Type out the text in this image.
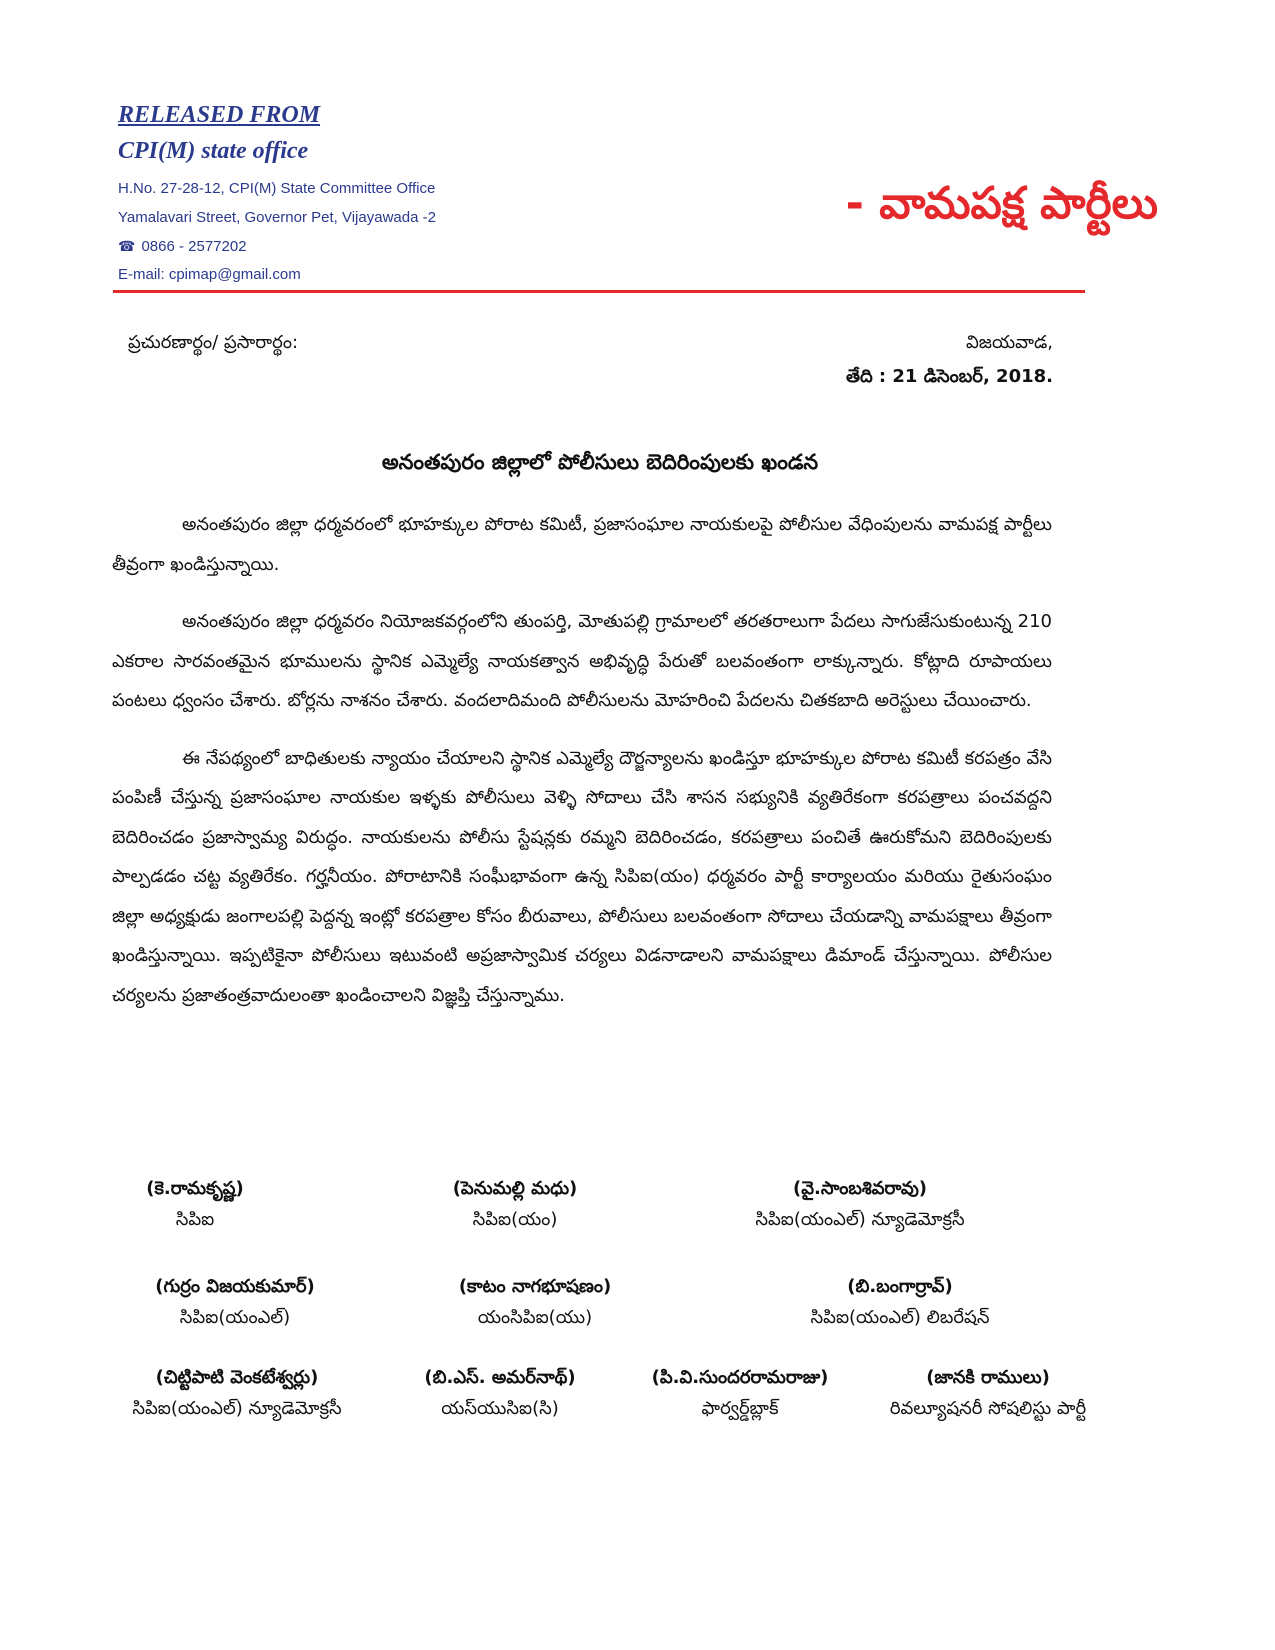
RELEASED FROM
CPI(M) state office
H.No. 27-28-12, CPI(M) State Committee Office
Yamalavari Street, Governor Pet, Vijayawada -2
☎ 0866 - 2577202
E-mail: cpimap@gmail.com
- వామపక్ష పార్టీలు
ప్రచురణార్థం/ ప్రసారార్థం:	విజయవాడ,
తేది : 21 డిసెంబర్, 2018.
అనంతపురం జిల్లాలో పోలీసులు బెదిరింపులకు ఖండన

అనంతపురం జిల్లా ధర్మవరంలో భూహక్కుల పోరాట కమిటీ, ప్రజాసంఘాల నాయకులపై పోలీసుల వేధింపులను వామపక్ష పార్టీలు తీవ్రంగా ఖండిస్తున్నాయి.

అనంతపురం జిల్లా ధర్మవరం నియోజకవర్గంలోని తుంపర్తి, మోతుపల్లి గ్రామాలలో తరతరాలుగా పేదలు సాగుజేసుకుంటున్న 210 ఎకరాల సారవంతమైన భూములను స్థానిక ఎమ్మెల్యే నాయకత్వాన అభివృద్ధి పేరుతో బలవంతంగా లాక్కున్నారు. కోట్లాది రూపాయలు పంటలు ధ్వంసం చేశారు. బోర్లను నాశనం చేశారు. వందలాదిమంది పోలీసులను మోహరించి పేదలను చితకబాది అరెస్టులు చేయించారు.

ఈ నేపథ్యంలో బాధితులకు న్యాయం చేయాలని స్థానిక ఎమ్మెల్యే దౌర్జన్యాలను ఖండిస్తూ భూహక్కుల పోరాట కమిటీ కరపత్రం వేసి పంపిణీ చేస్తున్న ప్రజాసంఘాల నాయకుల ఇళ్ళకు పోలీసులు వెళ్ళి సోదాలు చేసి శాసన సభ్యునికి వ్యతిరేకంగా కరపత్రాలు పంచవద్దని బెదిరించడం ప్రజాస్వామ్య విరుద్ధం. నాయకులను పోలీసు స్టేషన్లకు రమ్మని బెదిరించడం, కరపత్రాలు పంచితే ఊరుకోమని బెదిరింపులకు పాల్పడడం చట్ట వ్యతిరేకం. గర్హనీయం. పోరాటానికి సంఘీభావంగా ఉన్న సిపిఐ(యం) ధర్మవరం పార్టీ కార్యాలయం మరియు రైతుసంఘం జిల్లా అధ్యక్షుడు జంగాలపల్లి పెద్దన్న ఇంట్లో కరపత్రాల కోసం బీరువాలు, పోలీసులు బలవంతంగా సోదాలు చేయడాన్ని వామపక్షాలు తీవ్రంగా ఖండిస్తున్నాయి. ఇప్పటికైనా పోలీసులు ఇటువంటి అప్రజాస్వామిక చర్యలు విడనాడాలని వామపక్షాలు డిమాండ్ చేస్తున్నాయి. పోలీసుల చర్యలను ప్రజాతంత్రవాదులంతా ఖండించాలని విజ్ఞప్తి చేస్తున్నాము.

(కె.రామకృష్ణ)
సిపిఐ
(పెనుమల్లి మధు)
సిపిఐ(యం)
(వై.సాంబశివరావు)
సిపిఐ(యంఎల్) న్యూడెమోక్రసీ
(గుర్రం విజయకుమార్)
సిపిఐ(యంఎల్)
(కాటం నాగభూషణం)
యంసిపిఐ(యు)
(బి.బంగార్రావ్)
సిపిఐ(యంఎల్) లిబరేషన్
(చిట్టిపాటి వెంకటేశ్వర్లు)
సిపిఐ(యంఎల్) న్యూడెమోక్రసీ
(బి.ఎస్. అమర్‌నాథ్)
యస్‌యుసిఐ(సి)
(పి.వి.సుందరరామరాజు)
ఫార్వర్డ్‌బ్లాక్
(జానకి రాములు)
రివల్యూషనరీ సోషలిస్టు పార్టీ
